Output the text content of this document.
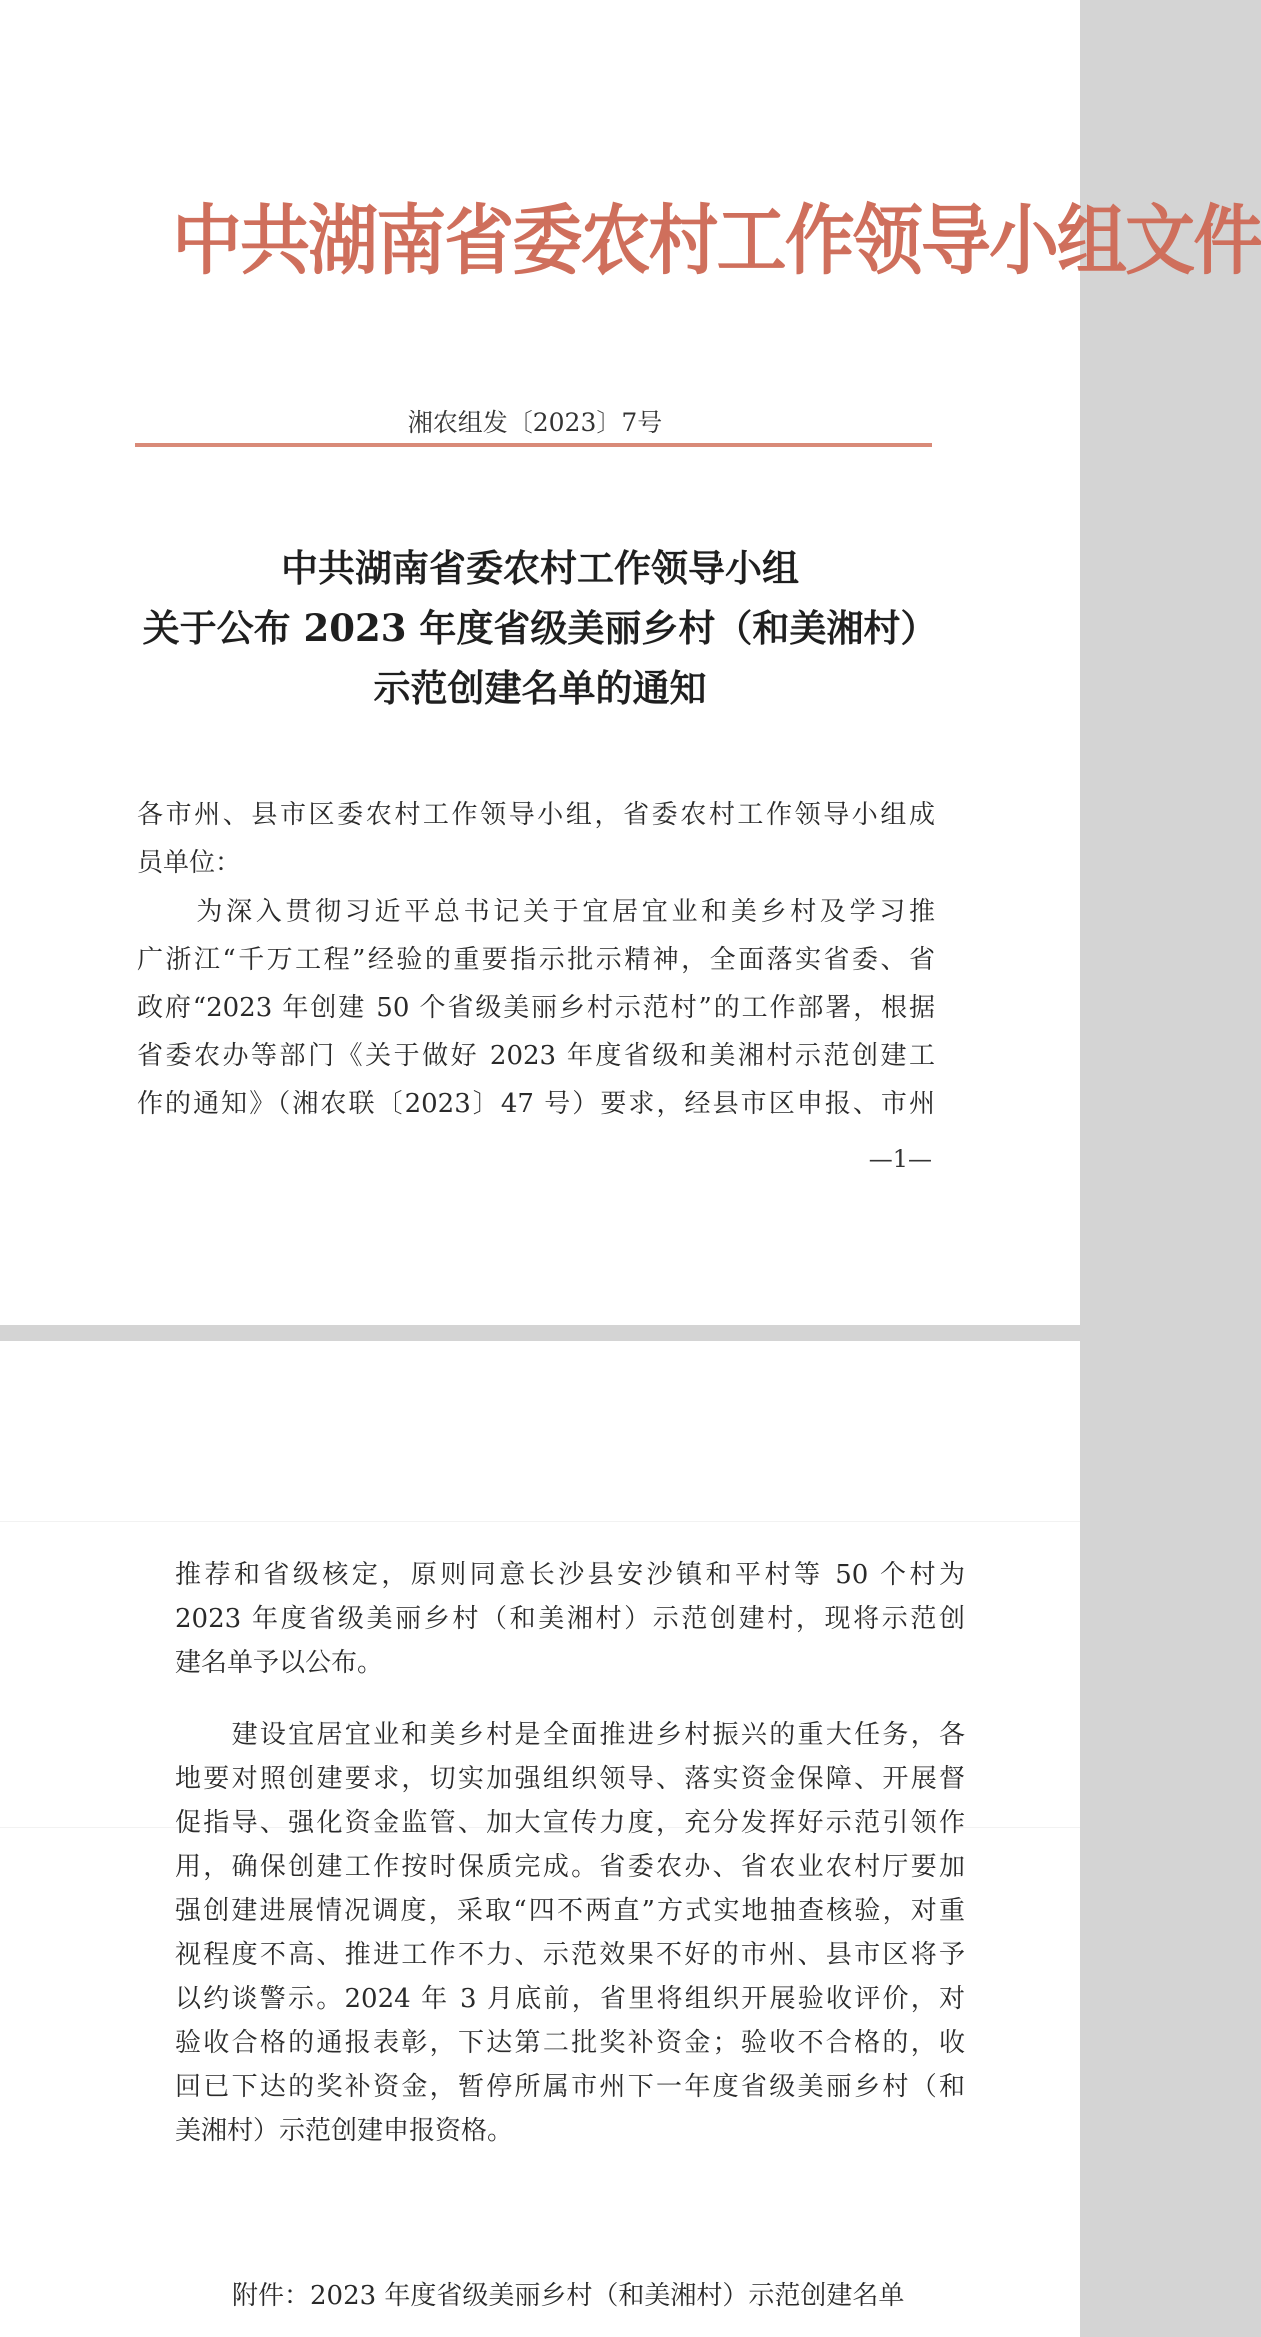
中共湖南省委农村工作领导小组文件
湘农组发〔2023〕7号
中共湖南省委农村工作领导小组
关于公布 2023 年度省级美丽乡村（和美湘村）
示范创建名单的通知
各市州、县市区委农村工作领导小组，省委农村工作领导小组成
员单位：
　　为深入贯彻习近平总书记关于宜居宜业和美乡村及学习推
广浙江“千万工程”经验的重要指示批示精神，全面落实省委、省
政府“2023 年创建 50 个省级美丽乡村示范村”的工作部署，根据
省委农办等部门《关于做好 2023 年度省级和美湘村示范创建工
作的通知》（湘农联〔2023〕47 号）要求，经县市区申报、市州
—1—
推荐和省级核定，原则同意长沙县安沙镇和平村等 50 个村为
2023 年度省级美丽乡村（和美湘村）示范创建村，现将示范创
建名单予以公布。
　　建设宜居宜业和美乡村是全面推进乡村振兴的重大任务，各
地要对照创建要求，切实加强组织领导、落实资金保障、开展督
促指导、强化资金监管、加大宣传力度，充分发挥好示范引领作
用，确保创建工作按时保质完成。省委农办、省农业农村厅要加
强创建进展情况调度，采取“四不两直”方式实地抽查核验，对重
视程度不高、推进工作不力、示范效果不好的市州、县市区将予
以约谈警示。2024 年 3 月底前，省里将组织开展验收评价，对
验收合格的通报表彰，下达第二批奖补资金；验收不合格的，收
回已下达的奖补资金，暂停所属市州下一年度省级美丽乡村（和
美湘村）示范创建申报资格。
附件：2023 年度省级美丽乡村（和美湘村）示范创建名单
